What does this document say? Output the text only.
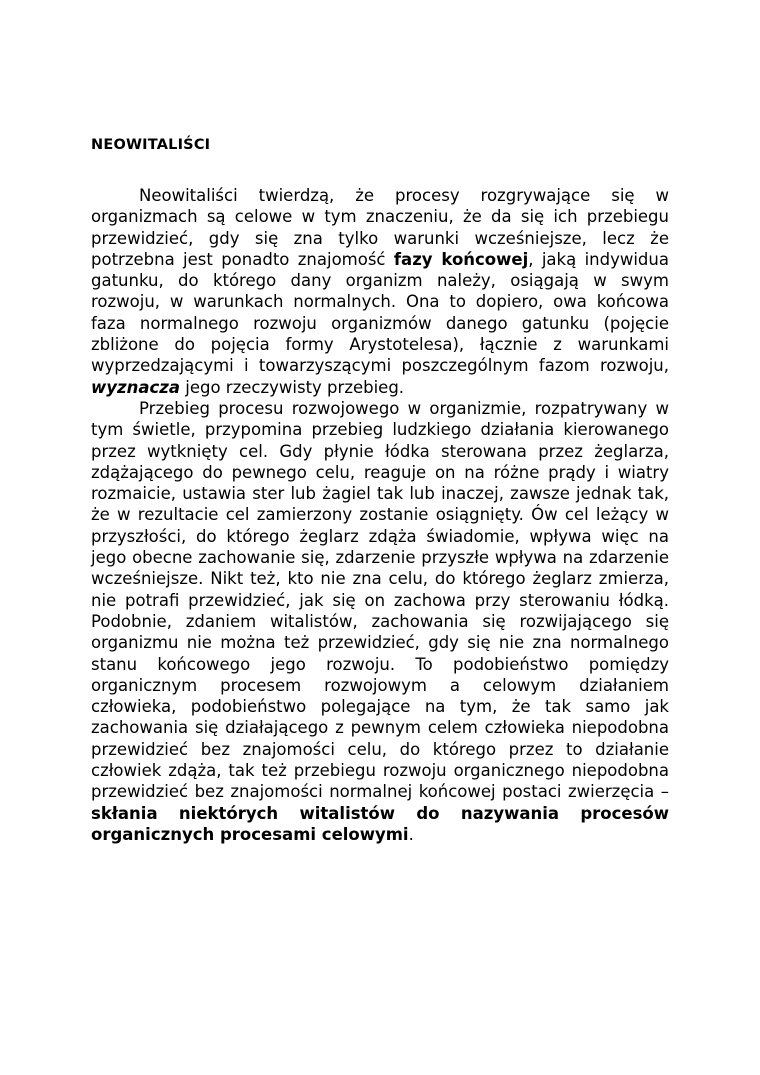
NEOWITALIŚCI

Neowitaliści twierdzą, że procesy rozgrywające się w organizmach są celowe w tym znaczeniu, że da się ich przebiegu przewidzieć, gdy się zna tylko warunki wcześniejsze, lecz że potrzebna jest ponadto znajomość fazy końcowej, jaką indywidua gatunku, do którego dany organizm należy, osiągają w swym rozwoju, w warunkach normalnych. Ona to dopiero, owa końcowa faza normalnego rozwoju organizmów danego gatunku (pojęcie zbliżone do pojęcia formy Arystotelesa), łącznie z warunkami wyprzedzającymi i towarzyszącymi poszczególnym fazom rozwoju, wyznacza jego rzeczywisty przebieg.

Przebieg procesu rozwojowego w organizmie, rozpatrywany w tym świetle, przypomina przebieg ludzkiego działania kierowanego przez wytknięty cel. Gdy płynie łódka sterowana przez żeglarza, zdążającego do pewnego celu, reaguje on na różne prądy i wiatry rozmaicie, ustawia ster lub żagiel tak lub inaczej, zawsze jednak tak, że w rezultacie cel zamierzony zostanie osiągnięty. Ów cel leżący w przyszłości, do którego żeglarz zdąża świadomie, wpływa więc na jego obecne zachowanie się, zdarzenie przyszłe wpływa na zdarzenie wcześniejsze. Nikt też, kto nie zna celu, do którego żeglarz zmierza, nie potrafi przewidzieć, jak się on zachowa przy sterowaniu łódką. Podobnie, zdaniem witalistów, zachowania się rozwijającego się organizmu nie można też przewidzieć, gdy się nie zna normalnego stanu końcowego jego rozwoju. To podobieństwo pomiędzy organicznym procesem rozwojowym a celowym działaniem człowieka, podobieństwo polegające na tym, że tak samo jak zachowania się działającego z pewnym celem człowieka niepodobna przewidzieć bez znajomości celu, do którego przez to działanie człowiek zdąża, tak też przebiegu rozwoju organicznego niepodobna przewidzieć bez znajomości normalnej końcowej postaci zwierzęcia – skłania niektórych witalistów do nazywania procesów organicznych procesami celowymi.
